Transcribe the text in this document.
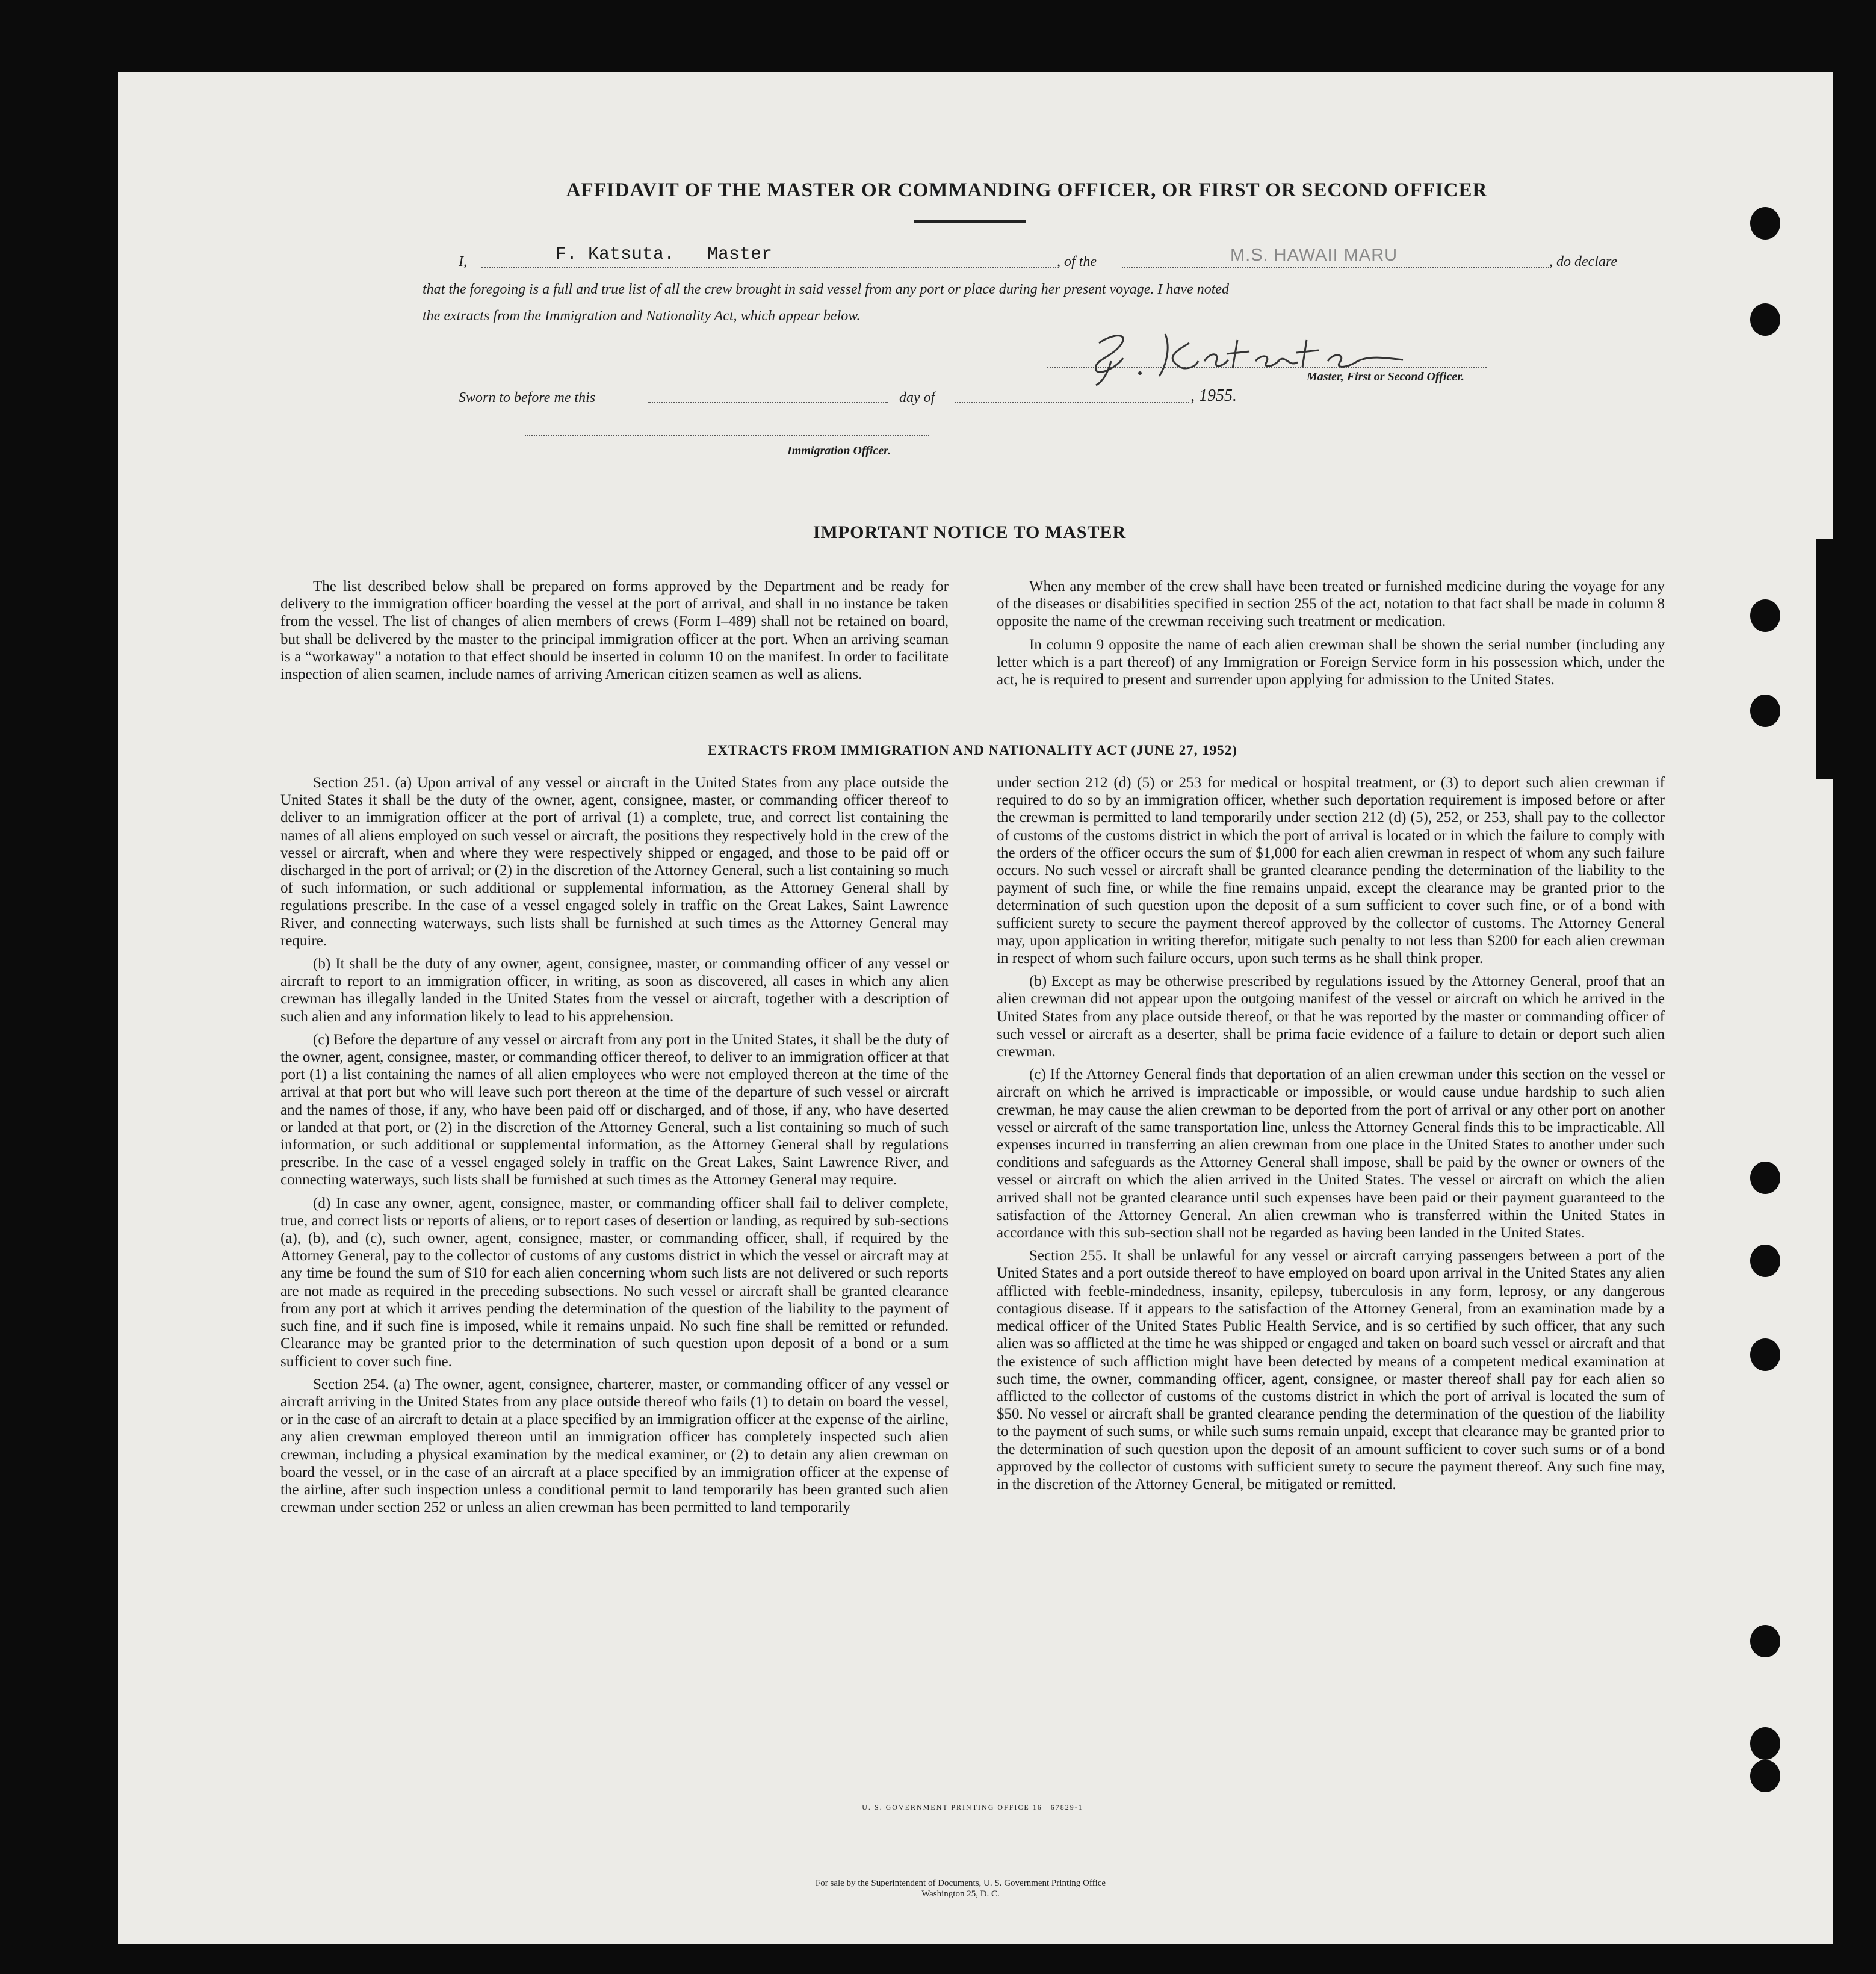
AFFIDAVIT OF THE MASTER OR COMMANDING OFFICER, OR FIRST OR SECOND OFFICER
I,	F. Katsuta.   Master	, of the	M.S. HAWAII MARU	, do declare
that the foregoing is a full and true list of all the crew brought in said vessel from any port or place during her present voyage. I have noted
the extracts from the Immigration and Nationality Act, which appear below.
Master, First or Second Officer.
Sworn to before me this	day of	, 1955.
Immigration Officer.
IMPORTANT NOTICE TO MASTER

The list described below shall be prepared on forms approved by the Department and be ready for delivery to the immigration officer boarding the vessel at the port of arrival, and shall in no instance be taken from the vessel. The list of changes of alien members of crews (Form I–489) shall not be retained on board, but shall be delivered by the master to the principal immigration officer at the port. When an arriving seaman is a “workaway” a notation to that effect should be inserted in column 10 on the manifest. In order to facilitate inspection of alien seamen, include names of arriving American citizen seamen as well as aliens.

When any member of the crew shall have been treated or furnished medicine during the voyage for any of the diseases or disabilities specified in section 255 of the act, notation to that fact shall be made in column 8 opposite the name of the crewman receiving such treatment or medication.

In column 9 opposite the name of each alien crewman shall be shown the serial number (including any letter which is a part thereof) of any Immigration or Foreign Service form in his possession which, under the act, he is required to present and surrender upon applying for admission to the United States.

EXTRACTS FROM IMMIGRATION AND NATIONALITY ACT (JUNE 27, 1952)

Section 251. (a) Upon arrival of any vessel or aircraft in the United States from any place outside the United States it shall be the duty of the owner, agent, consignee, master, or commanding officer thereof to deliver to an immigration officer at the port of arrival (1) a complete, true, and correct list containing the names of all aliens employed on such vessel or aircraft, the positions they respectively hold in the crew of the vessel or aircraft, when and where they were respectively shipped or engaged, and those to be paid off or discharged in the port of arrival; or (2) in the discretion of the Attorney General, such a list containing so much of such information, or such additional or supplemental information, as the Attorney General shall by regulations prescribe. In the case of a vessel engaged solely in traffic on the Great Lakes, Saint Lawrence River, and connecting waterways, such lists shall be furnished at such times as the Attorney General may require.

(b) It shall be the duty of any owner, agent, consignee, master, or commanding officer of any vessel or aircraft to report to an immigration officer, in writing, as soon as discovered, all cases in which any alien crewman has illegally landed in the United States from the vessel or aircraft, together with a description of such alien and any information likely to lead to his apprehension.

(c) Before the departure of any vessel or aircraft from any port in the United States, it shall be the duty of the owner, agent, consignee, master, or commanding officer thereof, to deliver to an immigration officer at that port (1) a list containing the names of all alien employees who were not employed thereon at the time of the arrival at that port but who will leave such port thereon at the time of the departure of such vessel or aircraft and the names of those, if any, who have been paid off or discharged, and of those, if any, who have deserted or landed at that port, or (2) in the discretion of the Attorney General, such a list containing so much of such information, or such additional or supplemental information, as the Attorney General shall by regulations prescribe. In the case of a vessel engaged solely in traffic on the Great Lakes, Saint Lawrence River, and connecting waterways, such lists shall be furnished at such times as the Attorney General may require.

(d) In case any owner, agent, consignee, master, or commanding officer shall fail to deliver complete, true, and correct lists or reports of aliens, or to report cases of desertion or landing, as required by sub-sections (a), (b), and (c), such owner, agent, consignee, master, or commanding officer, shall, if required by the Attorney General, pay to the collector of customs of any customs district in which the vessel or aircraft may at any time be found the sum of $10 for each alien concerning whom such lists are not delivered or such reports are not made as required in the preceding subsections. No such vessel or aircraft shall be granted clearance from any port at which it arrives pending the determination of the question of the liability to the payment of such fine, and if such fine is imposed, while it remains unpaid. No such fine shall be remitted or refunded. Clearance may be granted prior to the determination of such question upon deposit of a bond or a sum sufficient to cover such fine.

Section 254. (a) The owner, agent, consignee, charterer, master, or commanding officer of any vessel or aircraft arriving in the United States from any place outside thereof who fails (1) to detain on board the vessel, or in the case of an aircraft to detain at a place specified by an immigration officer at the expense of the airline, any alien crewman employed thereon until an immigration officer has completely inspected such alien crewman, including a physical examination by the medical examiner, or (2) to detain any alien crewman on board the vessel, or in the case of an aircraft at a place specified by an immigration officer at the expense of the airline, after such inspection unless a conditional permit to land temporarily has been granted such alien crewman under section 252 or unless an alien crewman has been permitted to land temporarily

under section 212 (d) (5) or 253 for medical or hospital treatment, or (3) to deport such alien crewman if required to do so by an immigration officer, whether such deportation requirement is imposed before or after the crewman is permitted to land temporarily under section 212 (d) (5), 252, or 253, shall pay to the collector of customs of the customs district in which the port of arrival is located or in which the failure to comply with the orders of the officer occurs the sum of $1,000 for each alien crewman in respect of whom any such failure occurs. No such vessel or aircraft shall be granted clearance pending the determination of the liability to the payment of such fine, or while the fine remains unpaid, except the clearance may be granted prior to the determination of such question upon the deposit of a sum sufficient to cover such fine, or of a bond with sufficient surety to secure the payment thereof approved by the collector of customs. The Attorney General may, upon application in writing therefor, mitigate such penalty to not less than $200 for each alien crewman in respect of whom such failure occurs, upon such terms as he shall think proper.

(b) Except as may be otherwise prescribed by regulations issued by the Attorney General, proof that an alien crewman did not appear upon the outgoing manifest of the vessel or aircraft on which he arrived in the United States from any place outside thereof, or that he was reported by the master or commanding officer of such vessel or aircraft as a deserter, shall be prima facie evidence of a failure to detain or deport such alien crewman.

(c) If the Attorney General finds that deportation of an alien crewman under this section on the vessel or aircraft on which he arrived is impracticable or impossible, or would cause undue hardship to such alien crewman, he may cause the alien crewman to be deported from the port of arrival or any other port on another vessel or aircraft of the same transportation line, unless the Attorney General finds this to be impracticable. All expenses incurred in transferring an alien crewman from one place in the United States to another under such conditions and safeguards as the Attorney General shall impose, shall be paid by the owner or owners of the vessel or aircraft on which the alien arrived in the United States. The vessel or aircraft on which the alien arrived shall not be granted clearance until such expenses have been paid or their payment guaranteed to the satisfaction of the Attorney General. An alien crewman who is transferred within the United States in accordance with this sub-section shall not be regarded as having been landed in the United States.

Section 255. It shall be unlawful for any vessel or aircraft carrying passengers between a port of the United States and a port outside thereof to have employed on board upon arrival in the United States any alien afflicted with feeble-mindedness, insanity, epilepsy, tuberculosis in any form, leprosy, or any dangerous contagious disease. If it appears to the satisfaction of the Attorney General, from an examination made by a medical officer of the United States Public Health Service, and is so certified by such officer, that any such alien was so afflicted at the time he was shipped or engaged and taken on board such vessel or aircraft and that the existence of such affliction might have been detected by means of a competent medical examination at such time, the owner, commanding officer, agent, consignee, or master thereof shall pay for each alien so afflicted to the collector of customs of the customs district in which the port of arrival is located the sum of $50. No vessel or aircraft shall be granted clearance pending the determination of the question of the liability to the payment of such sums, or while such sums remain unpaid, except that clearance may be granted prior to the determination of such question upon the deposit of an amount sufficient to cover such sums or of a bond approved by the collector of customs with sufficient surety to secure the payment thereof. Any such fine may, in the discretion of the Attorney General, be mitigated or remitted.

U. S. GOVERNMENT PRINTING OFFICE 16—67829-1
For sale by the Superintendent of Documents, U. S. Government Printing Office
Washington 25, D. C.
